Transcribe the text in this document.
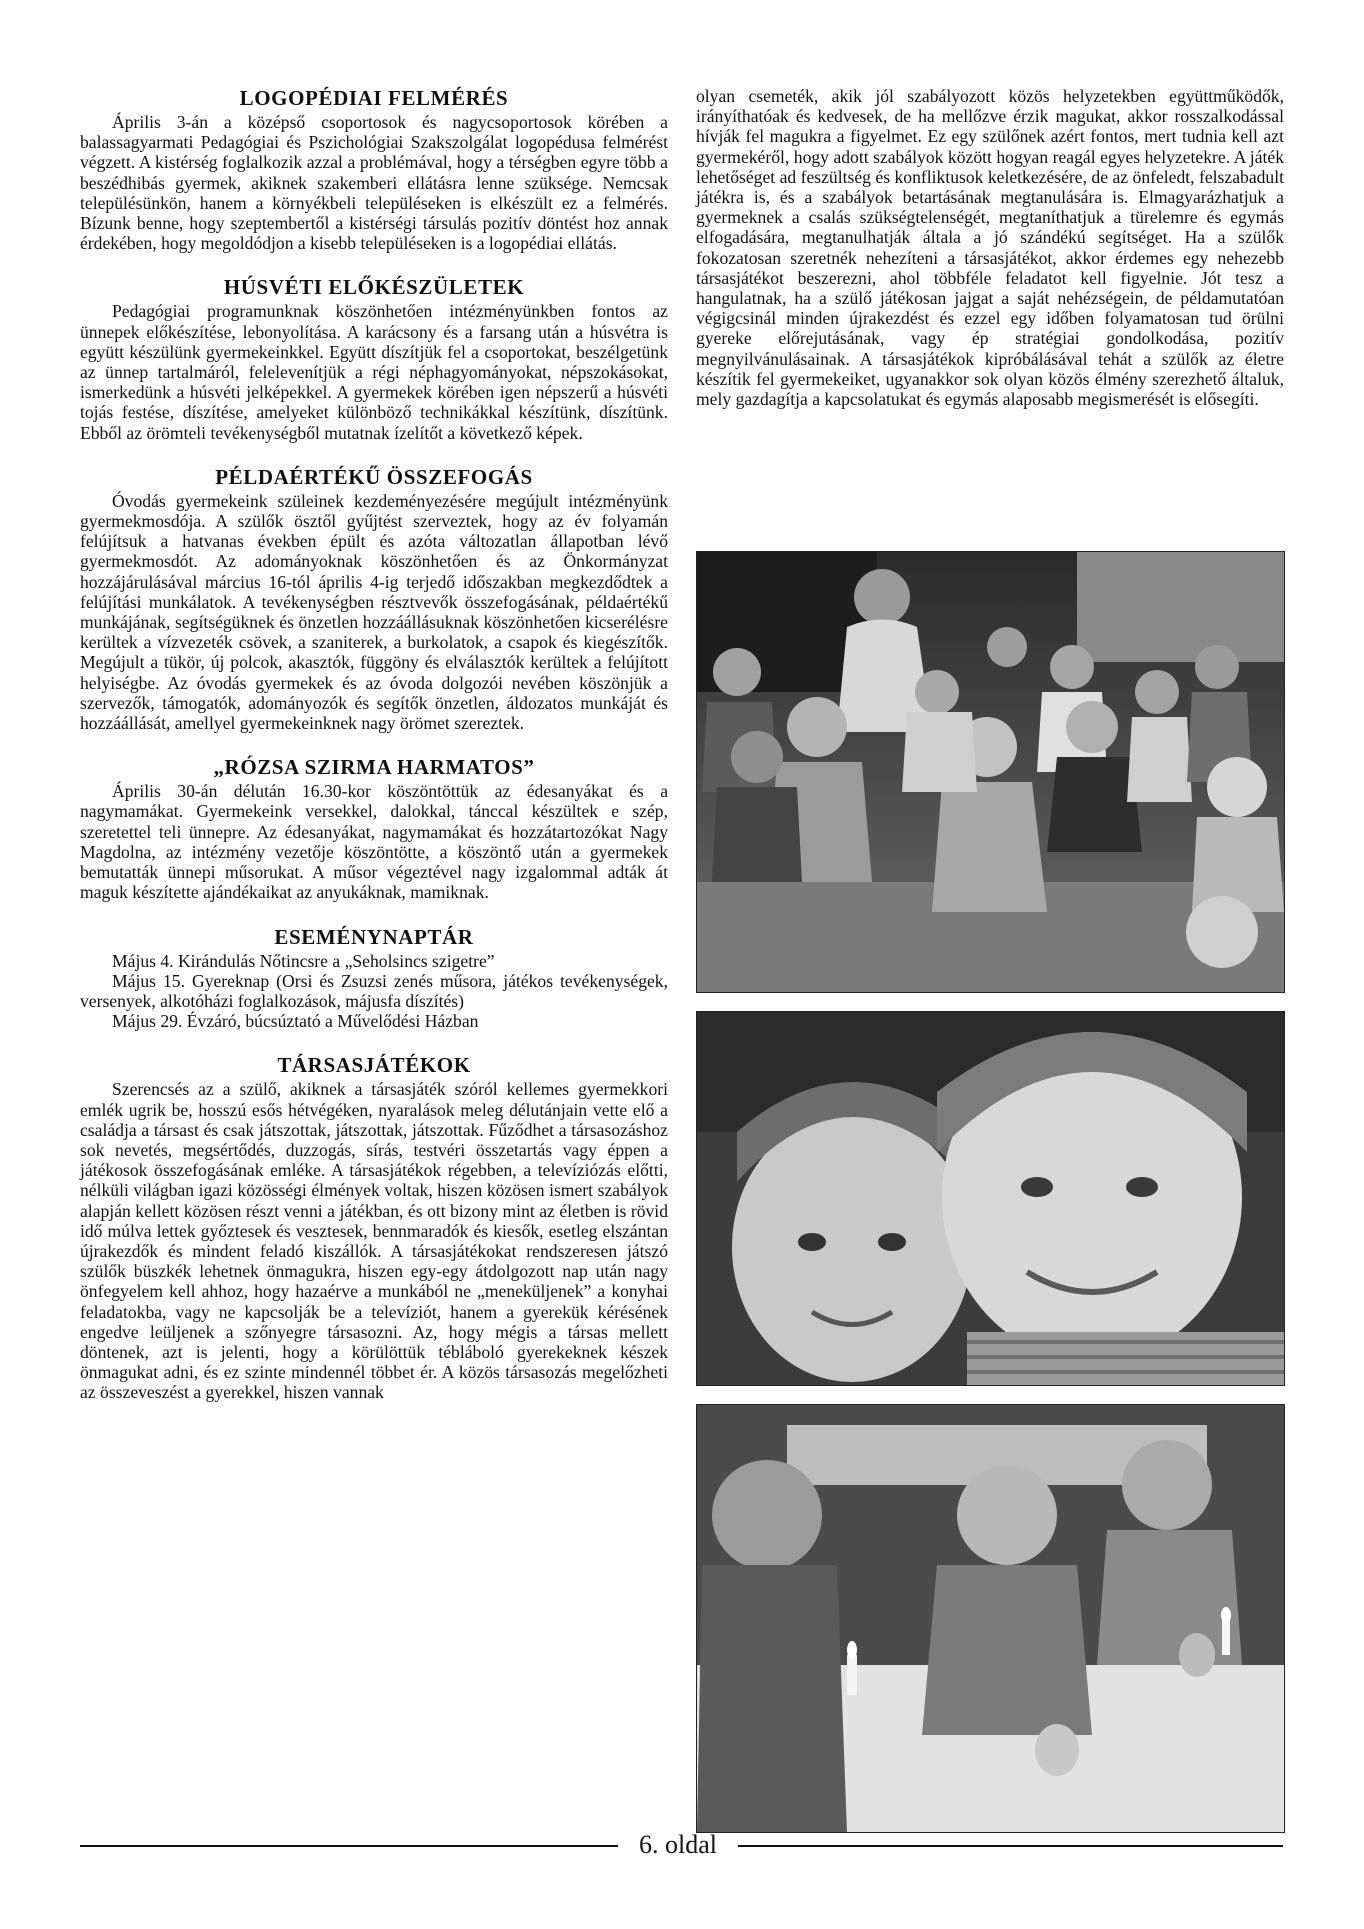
LOGOPÉDIAI FELMÉRÉS

Április 3-án a középső csoportosok és nagycsoportosok körében a balassagyarmati Pedagógiai és Pszichológiai Szakszolgálat logopédusa felmérést végzett. A kistérség foglalkozik azzal a problémával, hogy a térségben egyre több a beszédhibás gyermek, akiknek szakemberi ellátásra lenne szüksége. Nemcsak településünkön, hanem a környékbeli településeken is elkészült ez a felmérés. Bízunk benne, hogy szeptembertől a kistérségi társulás pozitív döntést hoz annak érdekében, hogy megoldódjon a kisebb településeken is a logopédiai ellátás.

HÚSVÉTI ELŐKÉSZÜLETEK

Pedagógiai programunknak köszönhetően intézményünkben fontos az ünnepek előkészítése, lebonyolítása. A karácsony és a farsang után a húsvétra is együtt készülünk gyermekeinkkel. Együtt díszítjük fel a csoportokat, beszélgetünk az ünnep tartalmáról, felelevenítjük a régi néphagyományokat, népszokásokat, ismerkedünk a húsvéti jelképekkel. A gyermekek körében igen népszerű a húsvéti tojás festése, díszítése, amelyeket különböző technikákkal készítünk, díszítünk. Ebből az örömteli tevékenységből mutatnak ízelítőt a következő képek.

PÉLDAÉRTÉKŰ ÖSSZEFOGÁS

Óvodás gyermekeink szüleinek kezdeményezésére megújult intézményünk gyermekmosdója. A szülők ösztől gyűjtést szerveztek, hogy az év folyamán felújítsuk a hatvanas években épült és azóta változatlan állapotban lévő gyermekmosdót. Az adományoknak köszönhetően és az Önkormányzat hozzájárulásával március 16-tól április 4-ig terjedő időszakban megkezdődtek a felújítási munkálatok. A tevékenységben résztvevők összefogásának, példaértékű munkájának, segítségüknek és önzetlen hozzáállásuknak köszönhetően kicserélésre kerültek a vízvezeték csövek, a szaniterek, a burkolatok, a csapok és kiegészítők. Megújult a tükör, új polcok, akasztók, függöny és elválasztók kerültek a felújított helyiségbe. Az óvodás gyermekek és az óvoda dolgozói nevében köszönjük a szervezők, támogatók, adományozók és segítők önzetlen, áldozatos munkáját és hozzáállását, amellyel gyermekeinknek nagy örömet szereztek.

„RÓZSA SZIRMA HARMATOS”

Április 30-án délután 16.30-kor köszöntöttük az édesanyákat és a nagymamákat. Gyermekeink versekkel, dalokkal, tánccal készültek e szép, szeretettel teli ünnepre. Az édesanyákat, nagymamákat és hozzátartozókat Nagy Magdolna, az intézmény vezetője köszöntötte, a köszöntő után a gyermekek bemutatták ünnepi műsorukat. A műsor végeztével nagy izgalommal adták át maguk készítette ajándékaikat az anyukáknak, mamiknak.

ESEMÉNYNAPTÁR
Május 4. Kirándulás Nőtincsre a „Seholsincs szigetre”
Május 15. Gyereknap (Orsi és Zsuzsi zenés műsora, játékos tevékenységek, versenyek, alkotóházi foglalkozások, májusfa díszítés)
Május 29. Évzáró, búcsúztató a Művelődési Házban
TÁRSASJÁTÉKOK

Szerencsés az a szülő, akiknek a társasjáték szóról kellemes gyermekkori emlék ugrik be, hosszú esős hétvégéken, nyaralások meleg délutánjain vette elő a családja a társast és csak játszottak, játszottak, játszottak. Fűződhet a társasozáshoz sok nevetés, megsértődés, duzzogás, sírás, testvéri összetartás vagy éppen a játékosok összefogásának emléke. A társasjátékok régebben, a televíziózás előtti, nélküli világban igazi közösségi élmények voltak, hiszen közösen ismert szabályok alapján kellett közösen részt venni a játékban, és ott bizony mint az életben is rövid idő múlva lettek győztesek és vesztesek, bennmaradók és kiesők, esetleg elszántan újrakezdők és mindent feladó kiszállók. A társasjátékokat rendszeresen játszó szülők büszkék lehetnek önmagukra, hiszen egy-egy átdolgozott nap után nagy önfegyelem kell ahhoz, hogy hazaérve a munkából ne „meneküljenek” a konyhai feladatokba, vagy ne kapcsolják be a televíziót, hanem a gyerekük kérésének engedve leüljenek a szőnyegre társasozni. Az, hogy mégis a társas mellett döntenek, azt is jelenti, hogy a körülöttük tébláboló gyerekeknek készek önmagukat adni, és ez szinte mindennél többet ér. A közös társasozás megelőzheti az összeveszést a gyerekkel, hiszen vannak

olyan csemeték, akik jól szabályozott közös helyzetekben együttműködők, irányíthatóak és kedvesek, de ha mellőzve érzik magukat, akkor rosszalkodással hívják fel magukra a figyelmet. Ez egy szülőnek azért fontos, mert tudnia kell azt gyermekéről, hogy adott szabályok között hogyan reagál egyes helyzetekre. A játék lehetőséget ad feszültség és konfliktusok keletkezésére, de az önfeledt, felszabadult játékra is, és a szabályok betartásának megtanulására is. Elmagyarázhatjuk a gyermeknek a csalás szükségtelenségét, megtaníthatjuk a türelemre és egymás elfogadására, megtanulhatják általa a jó szándékú segítséget. Ha a szülők fokozatosan szeretnék nehezíteni a társasjátékot, akkor érdemes egy nehezebb társasjátékot beszerezni, ahol többféle feladatot kell figyelnie. Jót tesz a hangulatnak, ha a szülő játékosan jajgat a saját nehézségein, de példamutatóan végigcsinál minden újrakezdést és ezzel egy időben folyamatosan tud örülni gyereke előrejutásának, vagy ép stratégiai gondolkodása, pozitív megnyilvánulásainak. A társasjátékok kipróbálásával tehát a szülők az életre készítik fel gyermekeiket, ugyanakkor sok olyan közös élmény szerezhető általuk, mely gazdagítja a kapcsolatukat és egymás alaposabb megismerését is elősegíti.

6. oldal
